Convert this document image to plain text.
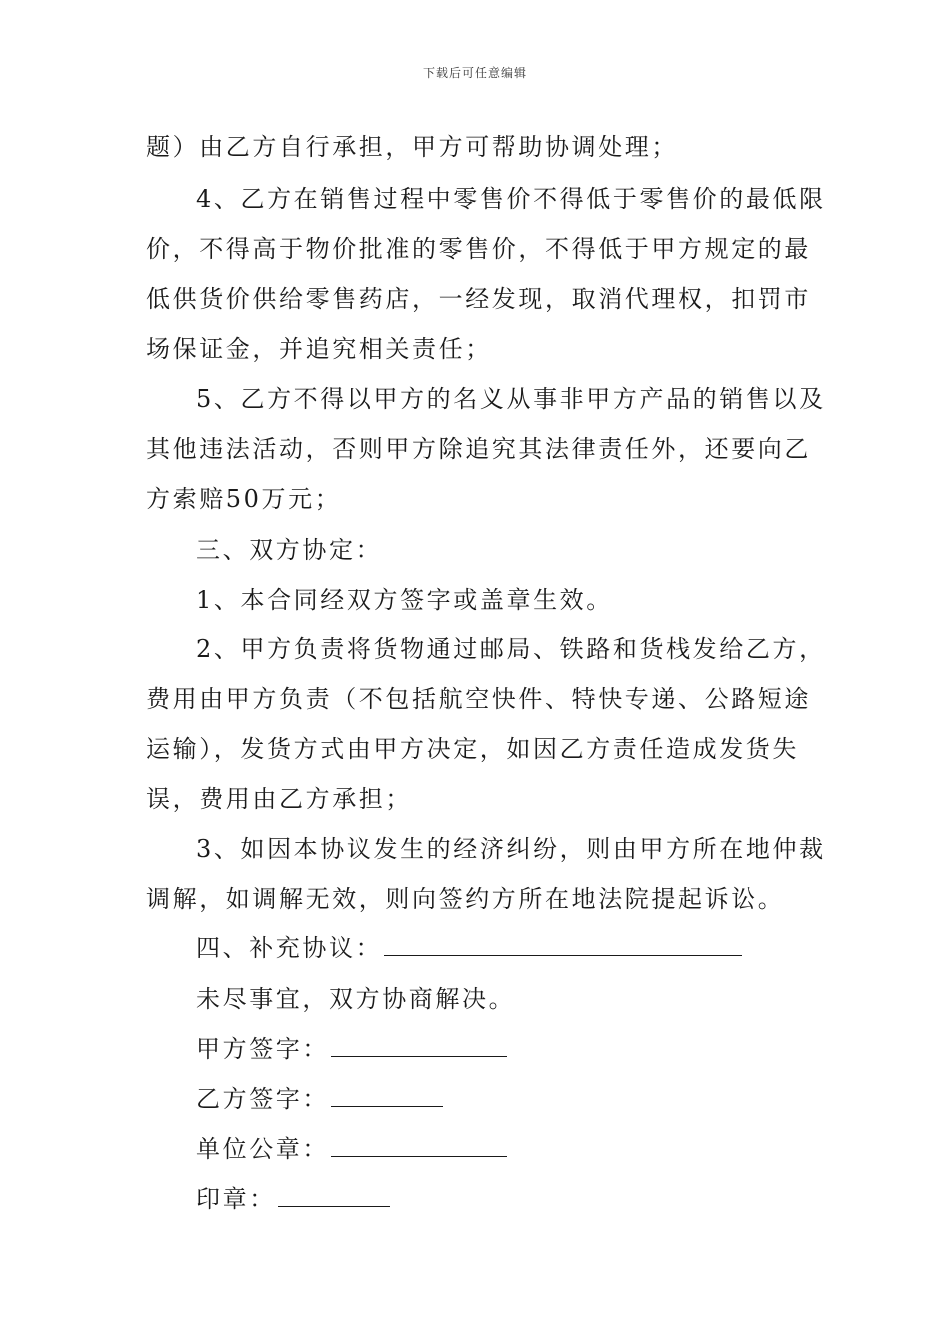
下载后可任意编辑
题）由乙方自行承担，甲方可帮助协调处理；
4、乙方在销售过程中零售价不得低于零售价的最低限
价，不得高于物价批准的零售价，不得低于甲方规定的最
低供货价供给零售药店，一经发现，取消代理权，扣罚市
场保证金，并追究相关责任；
5、乙方不得以甲方的名义从事非甲方产品的销售以及
其他违法活动，否则甲方除追究其法律责任外，还要向乙
方索赔50万元；
三、双方协定：
1、本合同经双方签字或盖章生效。
2、甲方负责将货物通过邮局、铁路和货栈发给乙方，
费用由甲方负责（不包括航空快件、特快专递、公路短途
运输），发货方式由甲方决定，如因乙方责任造成发货失
误，费用由乙方承担；
3、如因本协议发生的经济纠纷，则由甲方所在地仲裁
调解，如调解无效，则向签约方所在地法院提起诉讼。
四、补充协议：
未尽事宜，双方协商解决。
甲方签字：
乙方签字：
单位公章：
印章：
